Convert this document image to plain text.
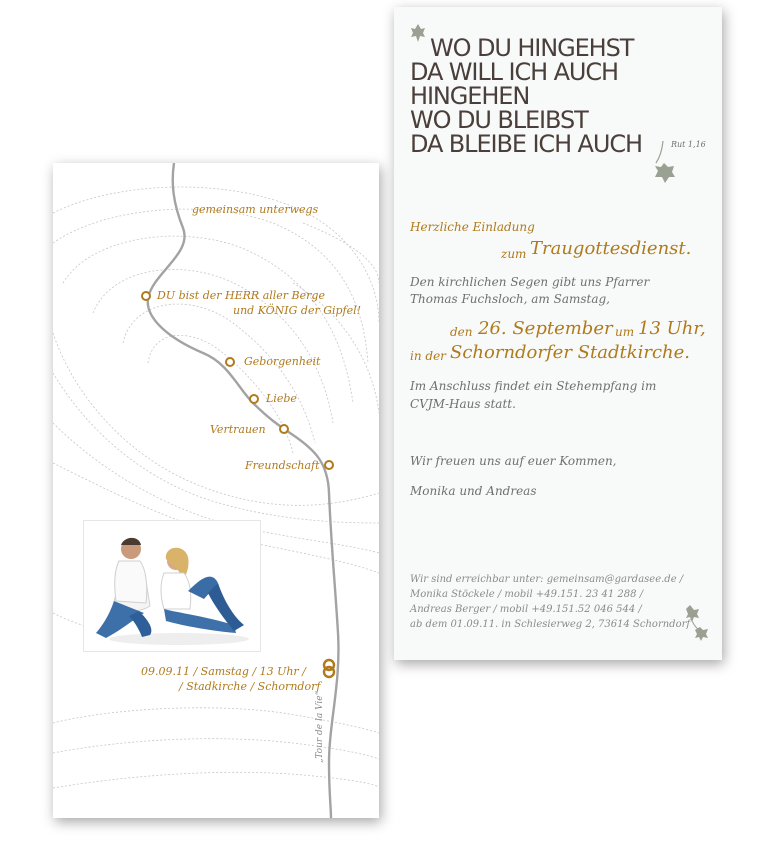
gemeinsam unterwegs
DU bist der HERR aller Berge
und KÖNIG der Gipfel!
Geborgenheit
Liebe
Vertrauen
Freundschaft
09.09.11 / Samstag / 13 Uhr /
/ Stadkirche / Schorndorf
„Tour de la Vie“
WO DU HINGEHST
DA WILL ICH AUCH
HINGEHEN
WO DU BLEIBST
DA BLEIBE ICH AUCH	Rut 1,16
Herzliche Einladung
zum Traugottesdienst.
Den kirchlichen Segen gibt uns Pfarrer
Thomas Fuchsloch, am Samstag,
den 26. September um 13 Uhr,
in der Schorndorfer Stadtkirche.
Im Anschluss findet ein Stehempfang im
CVJM-Haus statt.
Wir freuen uns auf euer Kommen,
Monika und Andreas
Wir sind erreichbar unter: gemeinsam@gardasee.de /
Monika Stöckele / mobil +49.151. 23 41 288 /
Andreas Berger / mobil +49.151.52 046 544 /
ab dem 01.09.11. in Schlesierweg 2, 73614 Schorndorf
